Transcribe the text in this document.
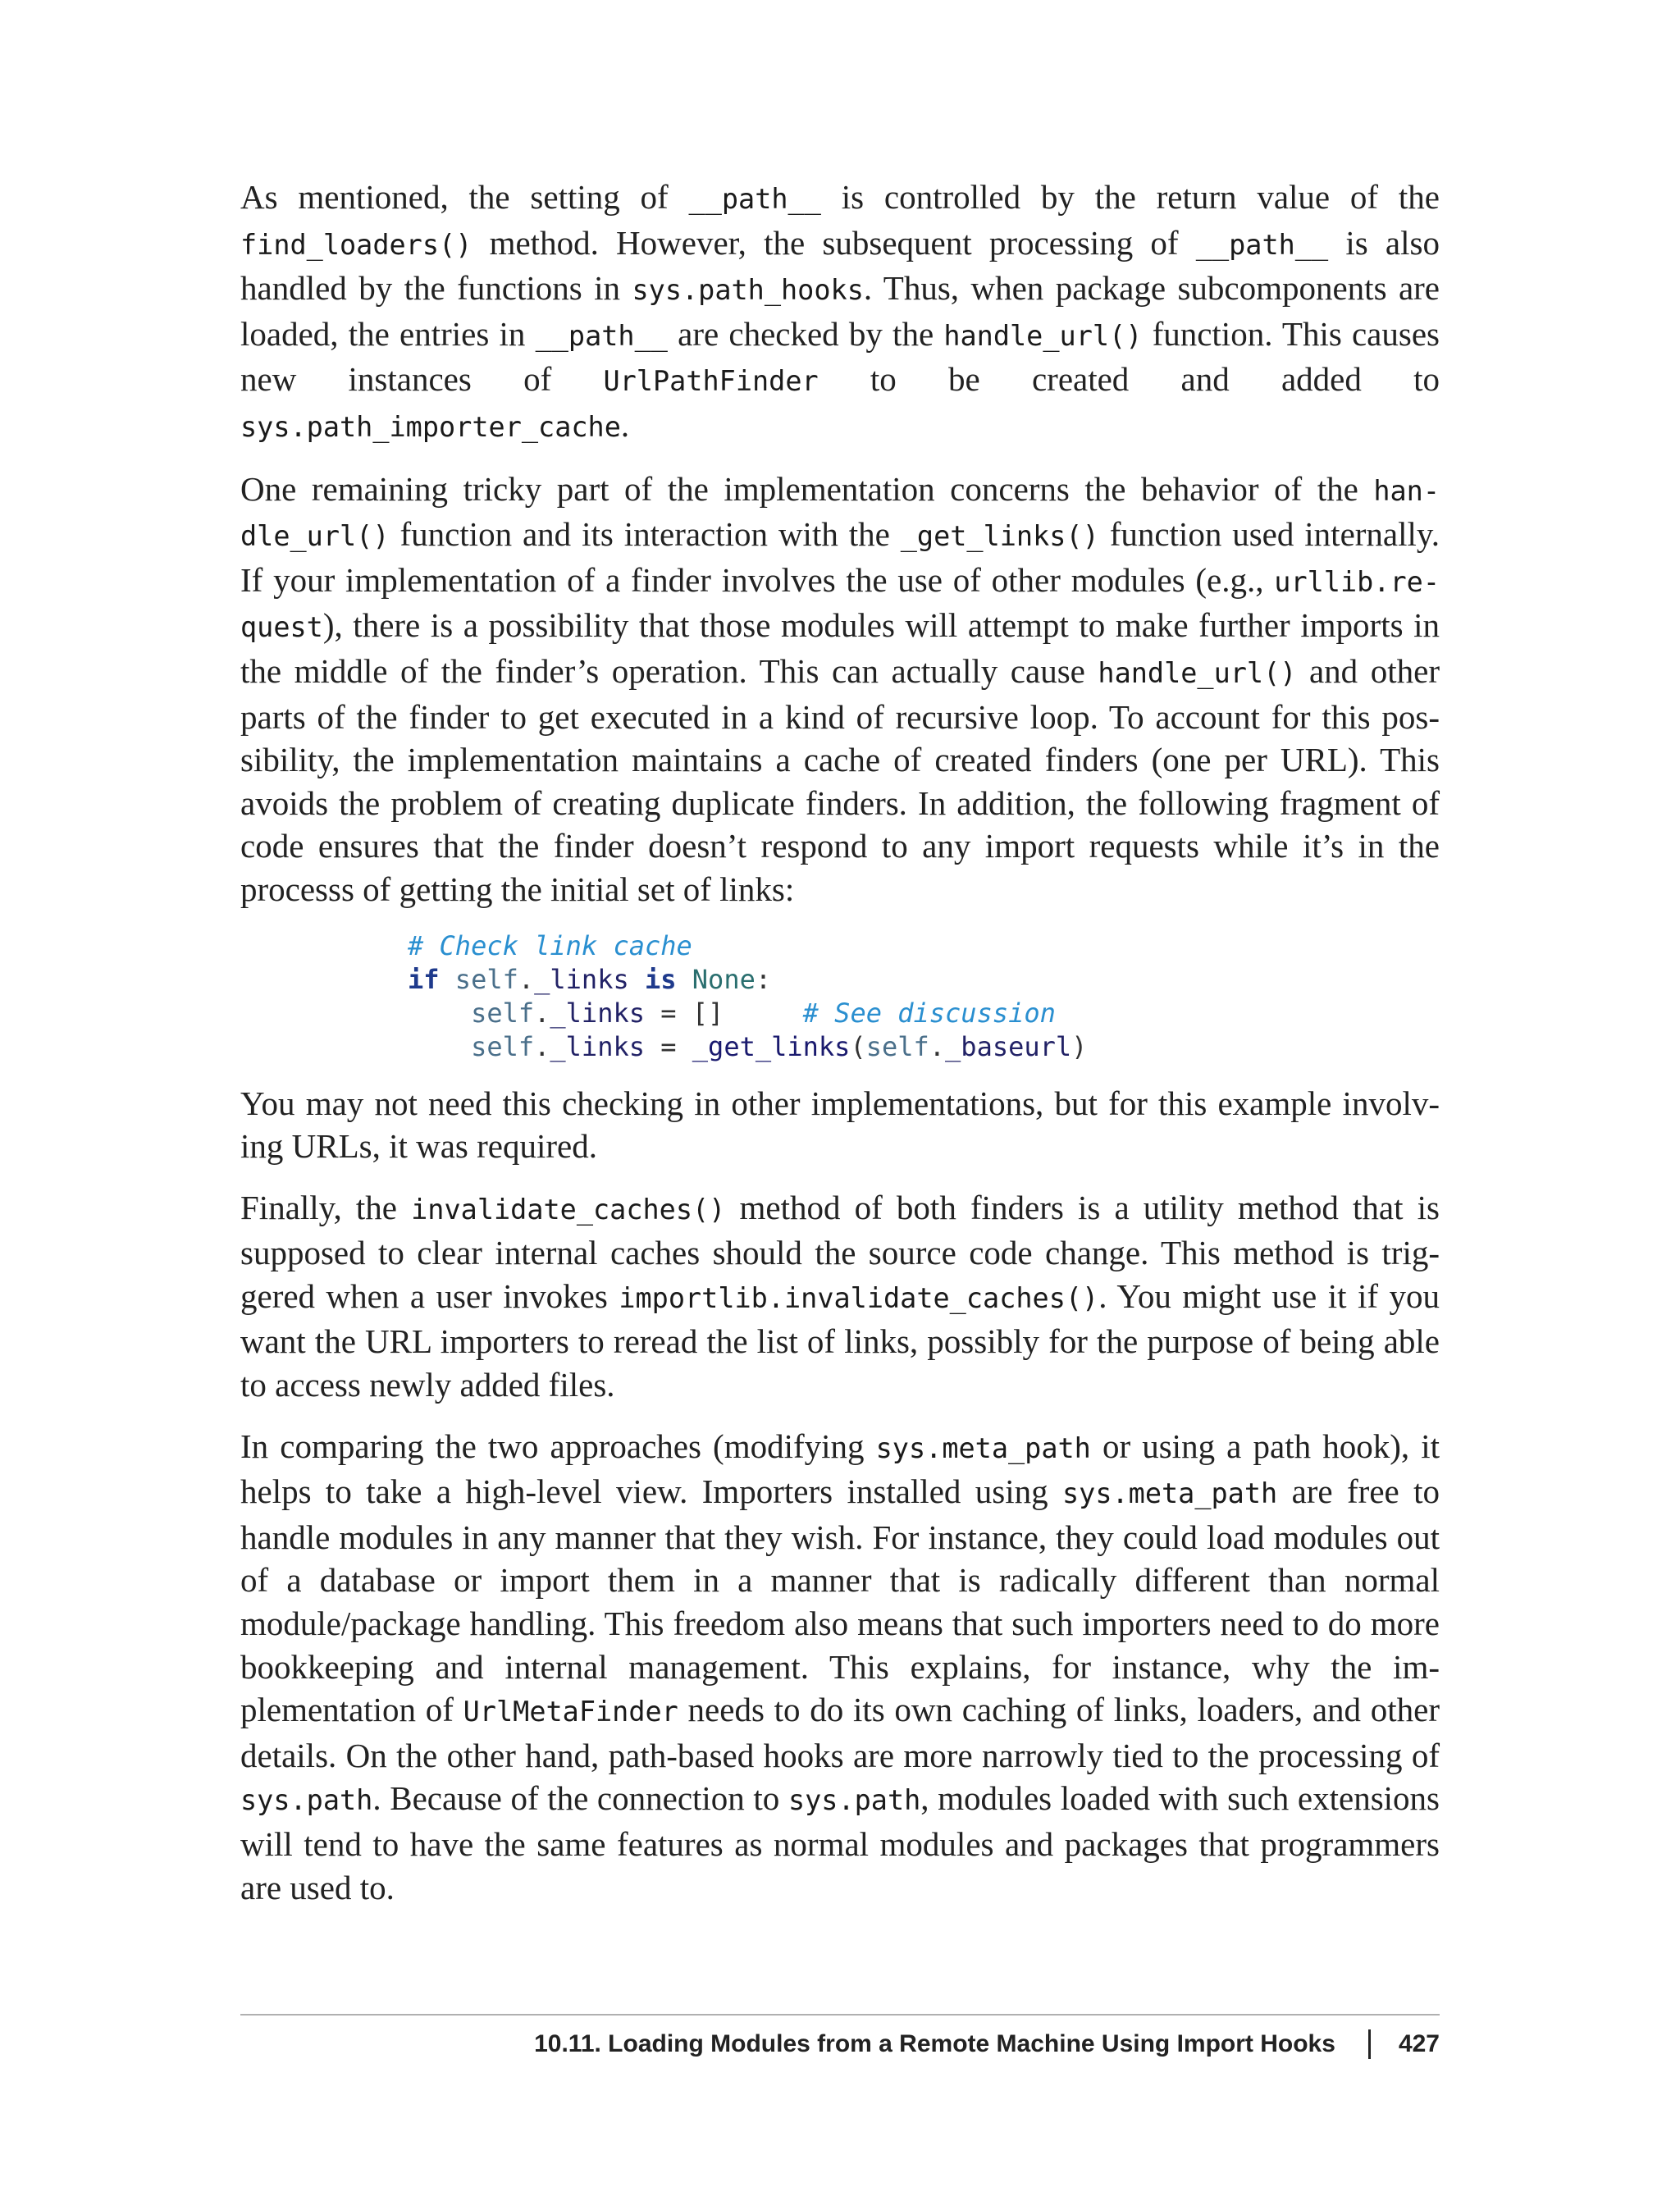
As mentioned, the setting of __path__ is controlled by the return value of the find_loaders() method. However, the subsequent processing of __path__ is also handled by the functions in sys.path_hooks. Thus, when package subcomponents are loaded, the entries in __path__ are checked by the handle_url() function. This causes new instances of UrlPathFinder to be created and added to sys.path_importer_cache.

One remaining tricky part of the implementation concerns the behavior of the handle_url() function and its interaction with the _get_links() function used internally. If your implementation of a finder involves the use of other modules (e.g., urllib.request), there is a possibility that those modules will attempt to make further imports in the middle of the finder’s operation. This can actually cause handle_url() and other parts of the finder to get executed in a kind of recursive loop. To account for this possibility, the implementation maintains a cache of created finders (one per URL). This avoids the problem of creating duplicate finders. In addition, the following fragment of code ensures that the finder doesn’t respond to any import requests while it’s in the processs of getting the initial set of links:

# Check link cache
if self._links is None:
self._links = []	# See discussion
self._links = _get_links(self._baseurl)

You may not need this checking in other implementations, but for this example involving URLs, it was required.

Finally, the invalidate_caches() method of both finders is a utility method that is supposed to clear internal caches should the source code change. This method is triggered when a user invokes importlib.invalidate_caches(). You might use it if you want the URL importers to reread the list of links, possibly for the purpose of being able to access newly added files.

In comparing the two approaches (modifying sys.meta_path or using a path hook), it helps to take a high-level view. Importers installed using sys.meta_path are free to handle modules in any manner that they wish. For instance, they could load modules out of a database or import them in a manner that is radically different than normal module/package handling. This freedom also means that such importers need to do more bookkeeping and internal management. This explains, for instance, why the implementation of UrlMetaFinder needs to do its own caching of links, loaders, and other details. On the other hand, path-based hooks are more narrowly tied to the processing of sys.path. Because of the connection to sys.path, modules loaded with such extensions will tend to have the same features as normal modules and packages that programmers are used to.

10.11. Loading Modules from a Remote Machine Using Import Hooks	427
